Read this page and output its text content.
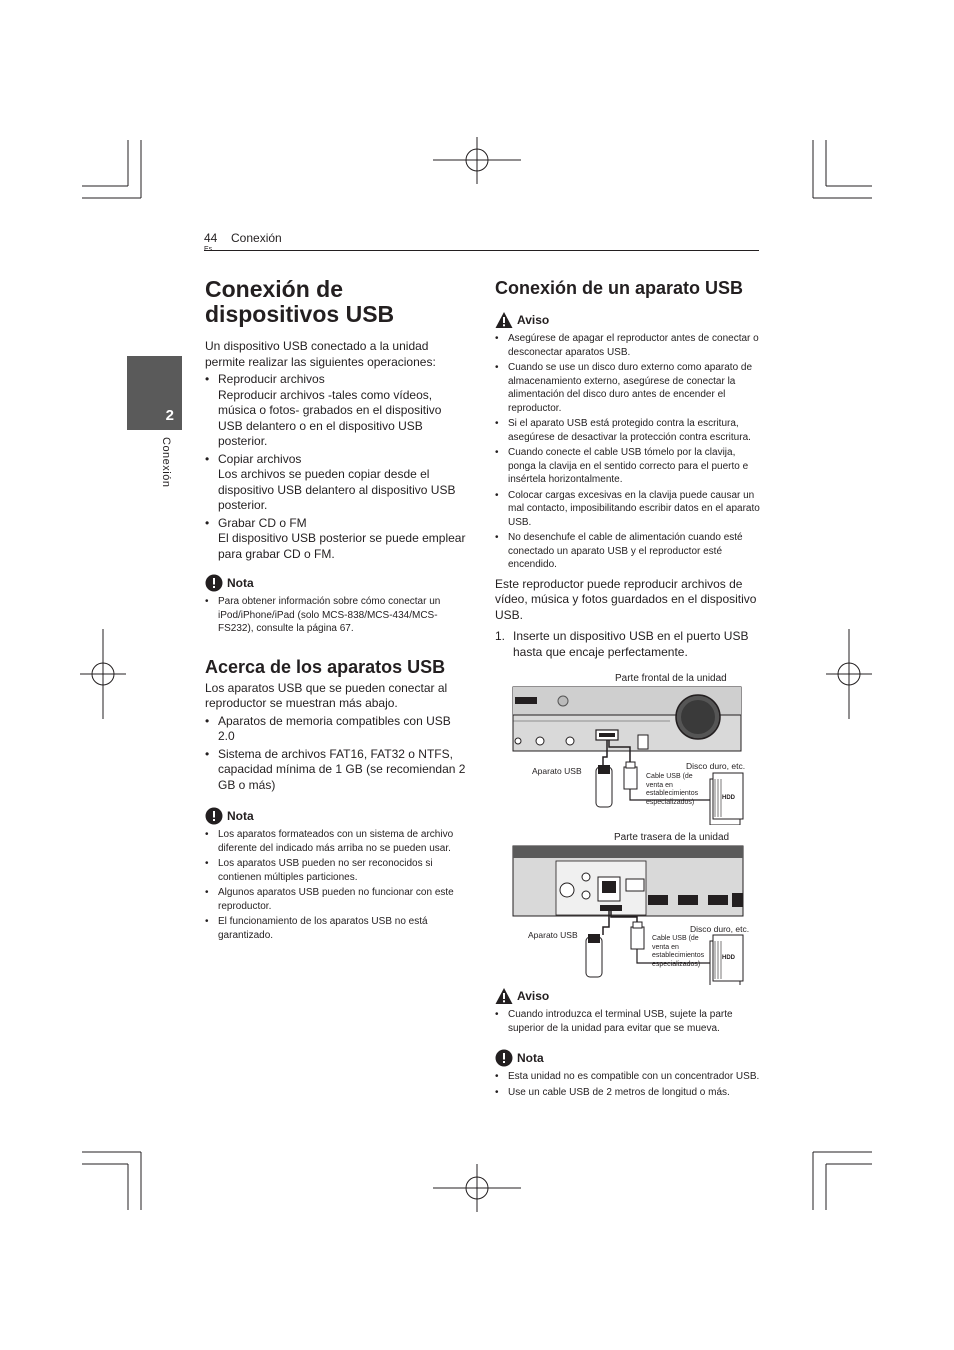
44 Conexión
2
Conexión
Conexión de dispositivos USB

Un dispositivo USB conectado a la unidad permite realizar las siguientes operaciones:

• Reproducir archivos
Reproducir archivos -tales como vídeos, música o fotos- grabados en el dispositivo USB delantero o en el dispositivo USB posterior.
• Copiar archivos
Los archivos se pueden copiar desde el dispositivo USB delantero al dispositivo USB posterior.
• Grabar CD o FM
El dispositivo USB posterior se puede emplear para grabar CD o FM.
Nota
• Para obtener información sobre cómo conectar un iPod/iPhone/iPad (solo MCS-838/MCS-434/MCS-FS232), consulte la página 67.
Acerca de los aparatos USB

Los aparatos USB que se pueden conectar al reproductor se muestran más abajo.

• Aparatos de memoria compatibles con USB 2.0
• Sistema de archivos FAT16, FAT32 o NTFS, capacidad mínima de 1 GB (se recomiendan 2 GB o más)
Nota
• Los aparatos formateados con un sistema de archivo diferente del indicado más arriba no se pueden usar.
• Los aparatos USB pueden no ser reconocidos si contienen múltiples particiones.
• Algunos aparatos USB pueden no funcionar con este reproductor.
• El funcionamiento de los aparatos USB no está garantizado.
Conexión de un aparato USB
Aviso
• Asegúrese de apagar el reproductor antes de conectar o desconectar aparatos USB.
• Cuando se use un disco duro externo como aparato de almacenamiento externo, asegúrese de conectar la alimentación del disco duro antes de encender el reproductor.
• Si el aparato USB está protegido contra la escritura, asegúrese de desactivar la protección contra escritura.
• Cuando conecte el cable USB tómelo por la clavija, ponga la clavija en el sentido correcto para el puerto e insértela horizontalmente.
• Colocar cargas excesivas en la clavija puede causar un mal contacto, imposibilitando escribir datos en el aparato USB.
• No desenchufe el cable de alimentación cuando esté conectado un aparato USB y el reproductor esté encendido.

Este reproductor puede reproducir archivos de vídeo, música y fotos guardados en el dispositivo USB.

1. Inserte un dispositivo USB en el puerto USB hasta que encaje perfectamente.
Parte frontal de la unidad
HDD
Aparato USB	Disco duro, etc.
Cable USB (de venta en establecimientos especializados)
Parte trasera de la unidad
HDD
Aparato USB
Disco duro, etc.
Cable USB (de venta en establecimientos especializados)
Aviso
• Cuando introduzca el terminal USB, sujete la parte superior de la unidad para evitar que se mueva.
Nota
• Esta unidad no es compatible con un concentrador USB.
• Use un cable USB de 2 metros de longitud o más.
